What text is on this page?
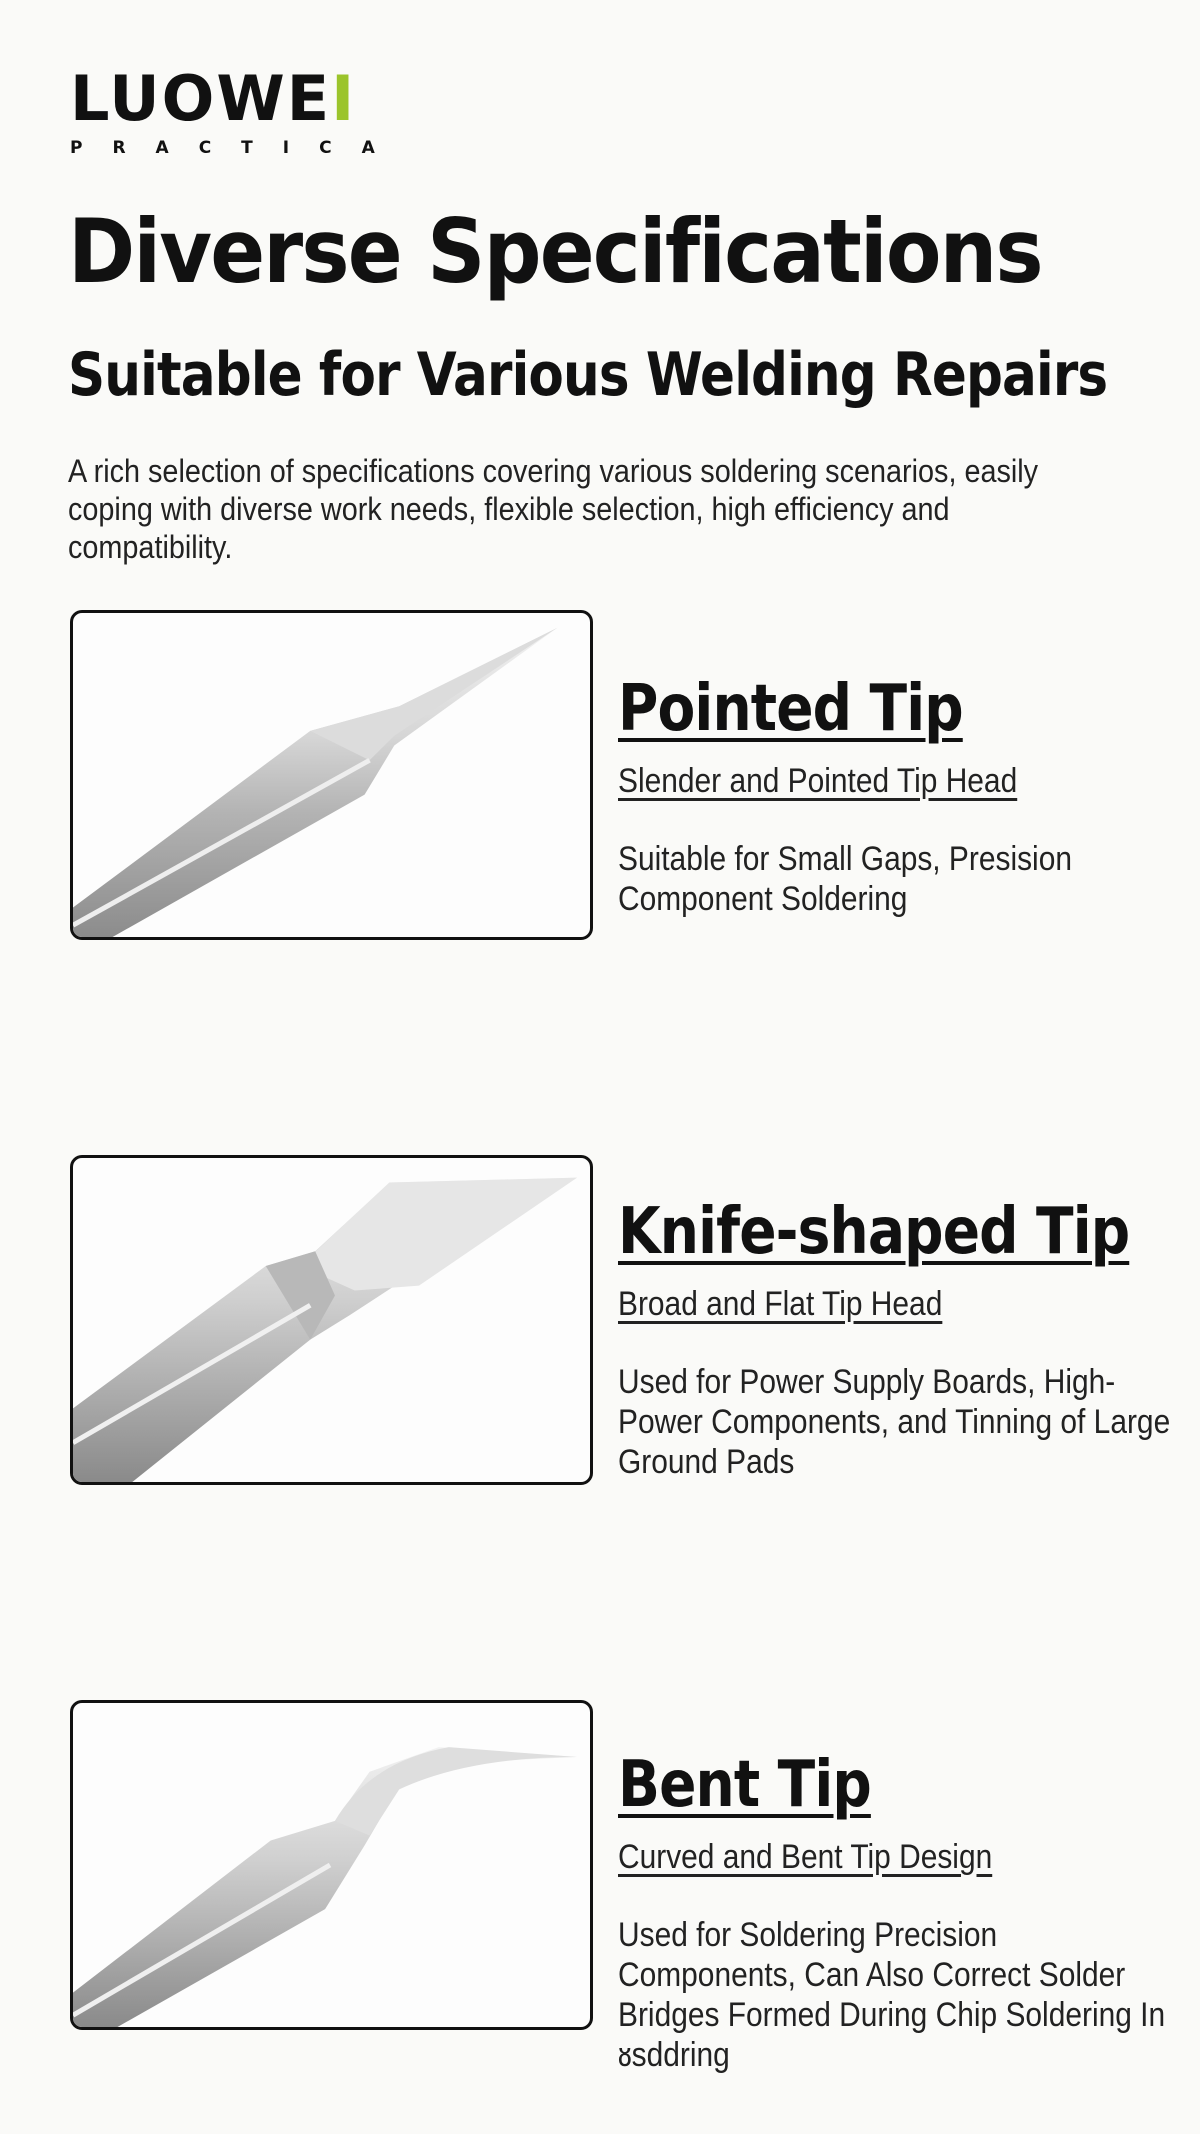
LUOW E I
PRACTICA
Diverse Specifications
Suitable for Various Welding Repairs
A rich selection of specifications covering various soldering scenarios, easily coping with diverse work needs, flexible selection, high efficiency and compatibility.
Pointed Tip
Slender and Pointed Tip Head
Suitable for Small Gaps, Presision Component Soldering
Knife-shaped Tip
Broad and Flat Tip Head
Used for Power Supply Boards, High-Power Components, and Tinning of Large Ground Pads
Bent Tip
Curved and Bent Tip Design
Used for Soldering Precision Components, Can Also Correct Solder Bridges Formed During Chip Soldering In ᴕsddring
